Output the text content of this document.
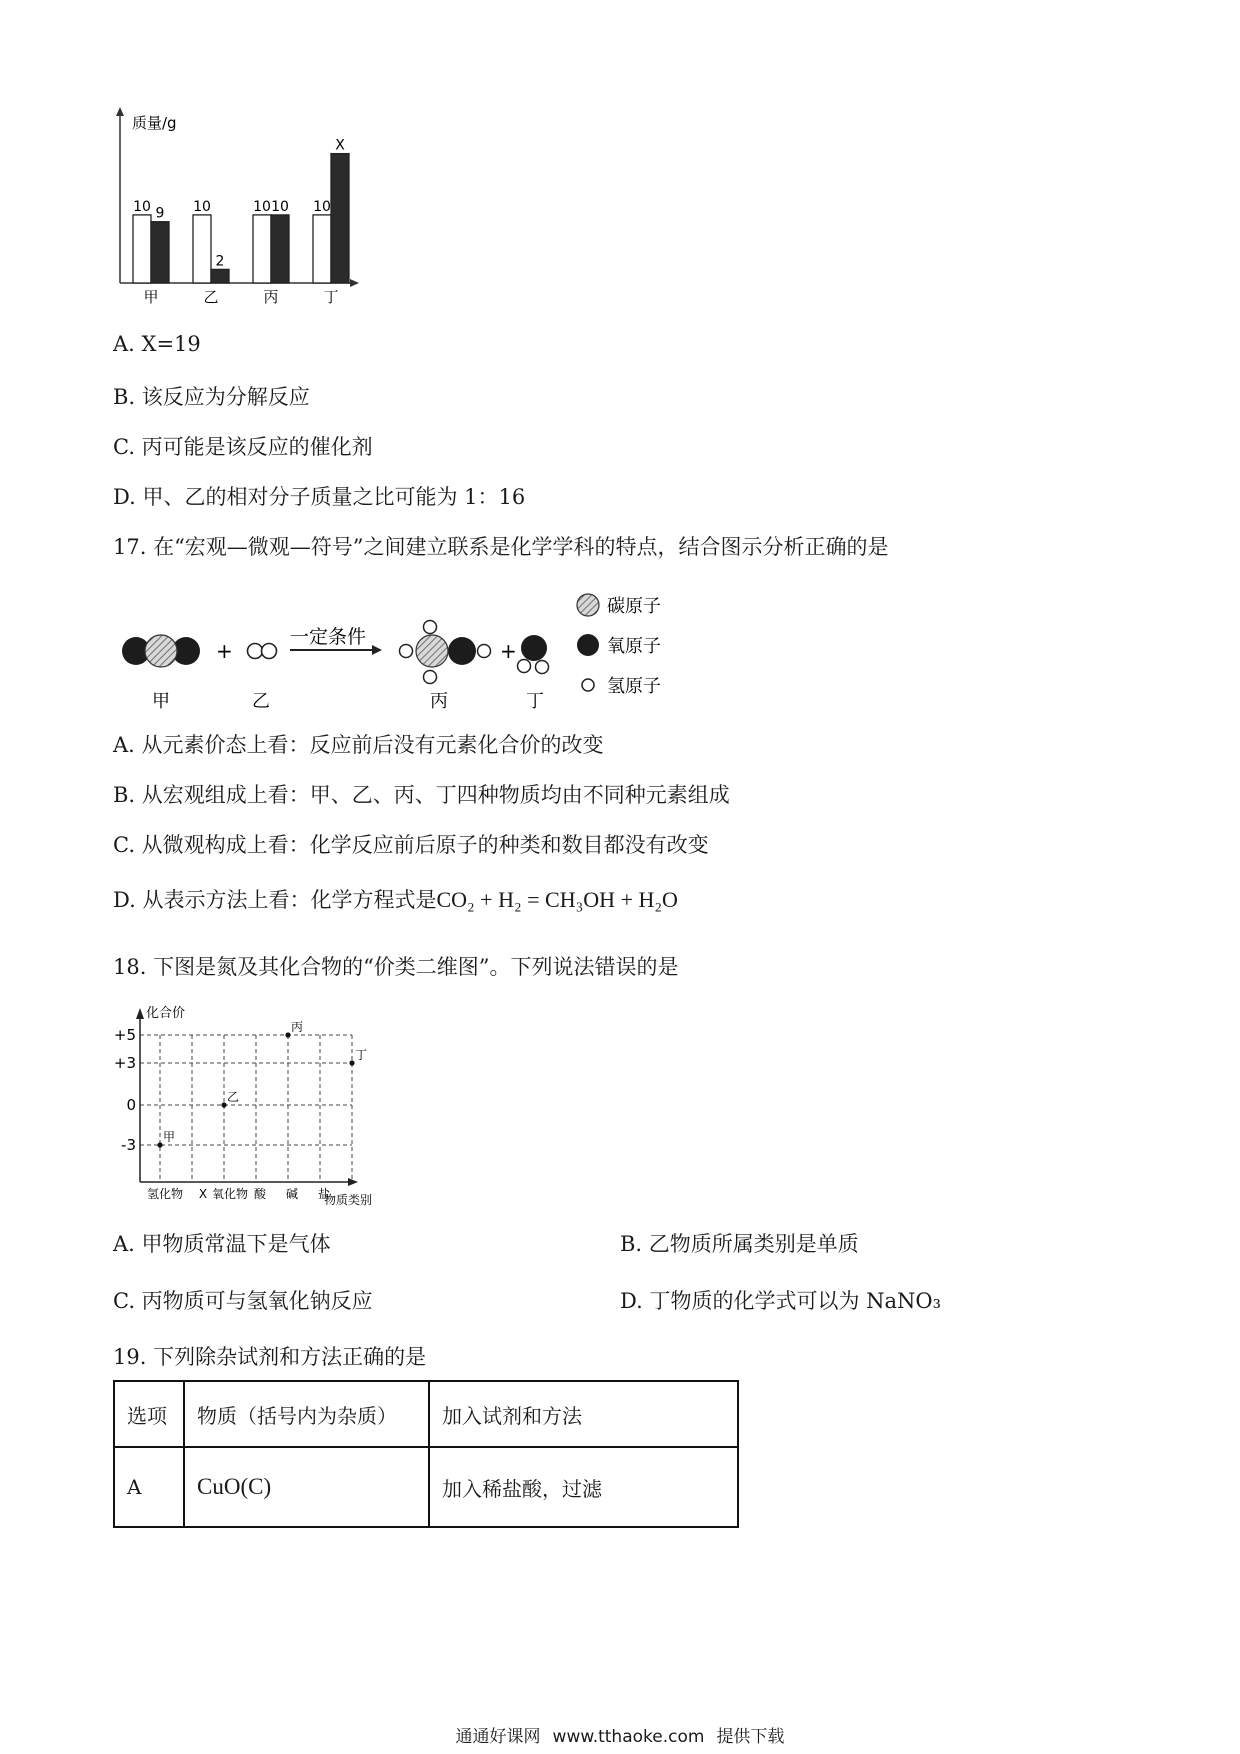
质量/g
10 9
甲
10
2
乙
10 10
丙
10
X
丁
A. X=19
B. 该反应为分解反应
C. 丙可能是该反应的催化剂
D. 甲、乙的相对分子质量之比可能为 1：16
17. 在“宏观—微观—符号”之间建立联系是化学学科的特点，结合图示分析正确的是
+
一定条件
+
甲	乙	丙	丁
碳原子
氧原子
氢原子
A. 从元素价态上看：反应前后没有元素化合价的改变
B. 从宏观组成上看：甲、乙、丙、丁四种物质均由不同种元素组成
C. 从微观构成上看：化学反应前后原子的种类和数目都没有改变
D. 从表示方法上看：化学方程式是CO₂ + H₂ = CH₃OH + H₂O
18. 下图是氮及其化合物的“价类二维图”。下列说法错误的是
化合价
+5
+3
0
-3
氢化物 X 氧化物 酸 碱 盐
物质类别
甲
乙
丙
丁
A. 甲物质常温下是气体	B. 乙物质所属类别是单质
C. 丙物质可与氢氧化钠反应	D. 丁物质的化学式可以为 NaNO₃
19. 下列除杂试剂和方法正确的是
选项	物质（括号内为杂质）	加入试剂和方法
A	CuO(C)	加入稀盐酸，过滤
通通好课网 www.tthaoke.com 提供下载
